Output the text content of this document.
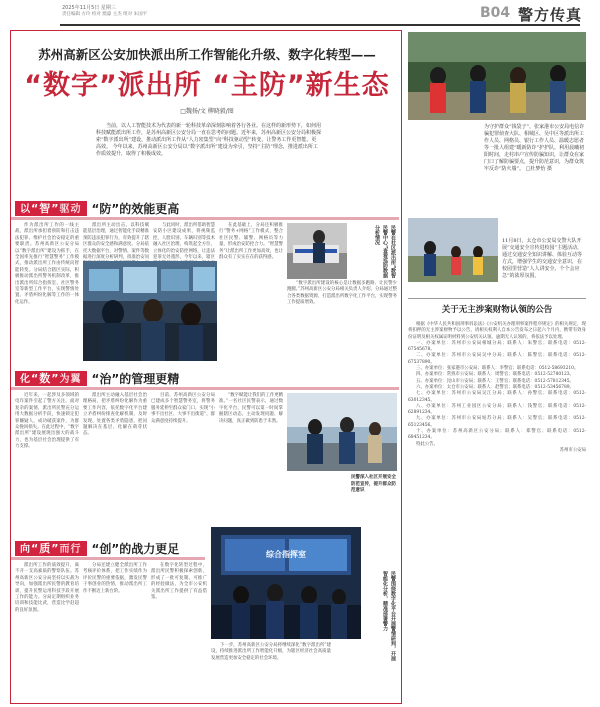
2025年11月5日 星期三
责任编辑 方玲 校对 澳濠 主杰 组对 朱国平	B04 警方传真
苏州高新区公安加快派出所工作智能化升级、数字化转型——
“数字”派出所 “主防”新生态
□魏扬/文 柳晓毅/图
当前，以人工智能技术为代表的新一轮科技革命深刻影响着各行各业。在这样的新形势下，如何用科技赋能派出所工作，是苏州高新区公安分局一直在思考的问题。近年来，苏州高新区公安分局积极探索“数字派出所”建设，推动派出所工作从“人力密集型”向“科技驱动型”转变，让警务工作更智能、更高效。 今年以来，苏州高新区公安分局以“数字派出所”建设为牵引，坚持“主防”理念，推进派出所工作质效提升，取得了积极成效。
以“智”驱动 “防”的效能更高
作为派出所工作的一线主战，派出所承担着预防和打击违法犯罪、维护社会治安稳定的重要职责。苏州高新区公安分局以“数字派出所”建设为抓手，在全国率先推行“智慧警务”工作模式，推动派出所工作由传统向智能转变。分局结合辖区实际，积极推动派出所警务机制改革，推出派出所综合指挥室、社区警务室等新型工作平台，实现警情处置、矛盾纠纷化解等工作的一体化运作。
派出所主动出击，以科技赋能基层治理，通过智能化手段精准预防违法犯罪行为，有效提升了辖区群众的安全感和满意度。分局依托大数据平台，对警情、案件等数据进行深度分析研判，找准治安问
与此同时，派出所借助智慧安防小区建设成果，将视频监控、人脸识别、车辆识别等技术融入社区治理，构筑起全方位、立体化的治安防控网络，让违法犯罪无处遁形。今年以来，辖区
在此基础上，分局还积极推行“警务+网格”工作模式，整合社区民警、辅警、网格员等力量，形成治安防控合力。“智慧警务”让派出所工作更加高效，也让群众有了实实在在的获得感。
“数字派出所建设的核心是让数据多跑路、让民警少跑腿。”苏州高新区公安分局相关负责人介绍，分局通过整合各类数据资源，打造派出所数字化工作平台，实现警务工作提质增效。
民警在社区派出所“数智民警中心”查看巡防数据分析情况
化“数”为翼 “治”的管理更精
近年来，一起涉及多领域的电诈案件引起了警方关注。面对复杂的案情，派出所民警充分运用大数据分析手段，快速锁定犯罪嫌疑人，成功破获案件，为群众挽回损失。在此过程中，“数字派出所”建设展现出强大的战斗力，也为基层社会治理提供了有力支撑。
派出所主动融入基层社会治理格局，把矛盾纠纷化解作为重要工作内容，依托数字化平台建立矛盾纠纷排查化解机制，及时发现、处置各类矛盾隐患，把问题解决在基层、化解在萌芽状态。
目前，苏州高新区公安分局已建成多个智慧警务室，将警务服务延伸至群众家门口，实现“小事不出社区、大事不出街道”，群众满意度持续提升。
“数字赋能让我们的工作更精准。”一名社区民警表示，通过数字化平台，民警可以第一时间掌握辖区动态，主动发现问题、解决问题，真正做到防患于未然。
民警深入社区开展安全防范宣传，提升群众防范意识
向“质”而行 “创”的战力更足
派出所工作的质效提升，离不开一支高素质的警察队伍。苏州高新区公安分局坚持以实战为导向，加强派出所民警的教育培训，提升民警运用科技手段开展工作的能力。分局定期组织业务培训和技能比武，营造比学赶超的良好氛围。
分局还建立健全派出所工作考核评价体系，把工作实绩作为评价民警的重要依据，激发民警干事创业的热情，推动派出所工作不断迈上新台阶。
在数字化转型过程中，派出所民警积极探索创新，形成了一批可复制、可推广的经验做法，为全市公安机关派出所工作提供了有益借鉴。
下一步，苏州高新区公安分局将继续深化“数字派出所”建设，持续推进派出所工作智能化升级，为辖区经济社会高质量发展营造更加安全稳定的社会环境。
综合指挥室
民警围绕数字化平台开展警情研判，开展智能化分析，精准部署警力
为守护群众“钱袋子”，张家港市公安局电信诈骗犯罪侦查大队、相城区、吴中区等派出所工作人员、网格员、银行工作人员、温暖志愿者等一批人组建“暖新防诈”护护队，利用晨曦初阳时间，走村串户宣传防骗知识，让群众在家门口了解防骗要点，提升防范意识，为群众筑牢反诈“防火墙”。 □杜梦怡 摄
11月8日，太仓市公安局交警大队开展“交通安全宣传进校园”主题活动，通过交通安全知识讲解、体验互动等方式，增强学生的交通安全意识，在校园里营造“人人讲安全、个个会应急”的浓厚氛围。
关于无主涉案财物认领的公告

根据《中华人民共和国刑事诉讼法》《公安机关办理刑事案件程序规定》的相关规定，现将扣押的无主涉案财物予以公告，请相关权利人自本公告发布之日起六个月内，携带有效身份证明及相关权属证明材料到公安机关认领。逾期无人认领的，将依法予以处理。

一、办案单位：苏州市公安局相城分局；联系人：朱警官；联系电话：0512-67545678。

二、办案单位：苏州市公安局吴中分局；联系人：陈警官；联系电话：0512-67537890。

三、办案单位：张家港市公安局；联系人：李警官；联系电话：0512-58693210。

四、办案单位：常熟市公安局；联系人：周警官；联系电话：0512-52780123。

五、办案单位：昆山市公安局；联系人：王警官；联系电话：0512-57812345。

六、办案单位：太仓市公安局；联系人：赵警官；联系电话：0512-53456789。

七、办案单位：苏州市公安局吴江分局；联系人：孙警官；联系电话：0512-63012345。

八、办案单位：苏州工业园区公安分局；联系人：钱警官；联系电话：0512-62891234。

九、办案单位：苏州市公安局姑苏分局；联系人：吴警官；联系电话：0512-65123456。

十、办案单位：苏州高新区公安分局；联系人：郑警官；联系电话：0512-68451234。

特此公告。

苏州市公安局
